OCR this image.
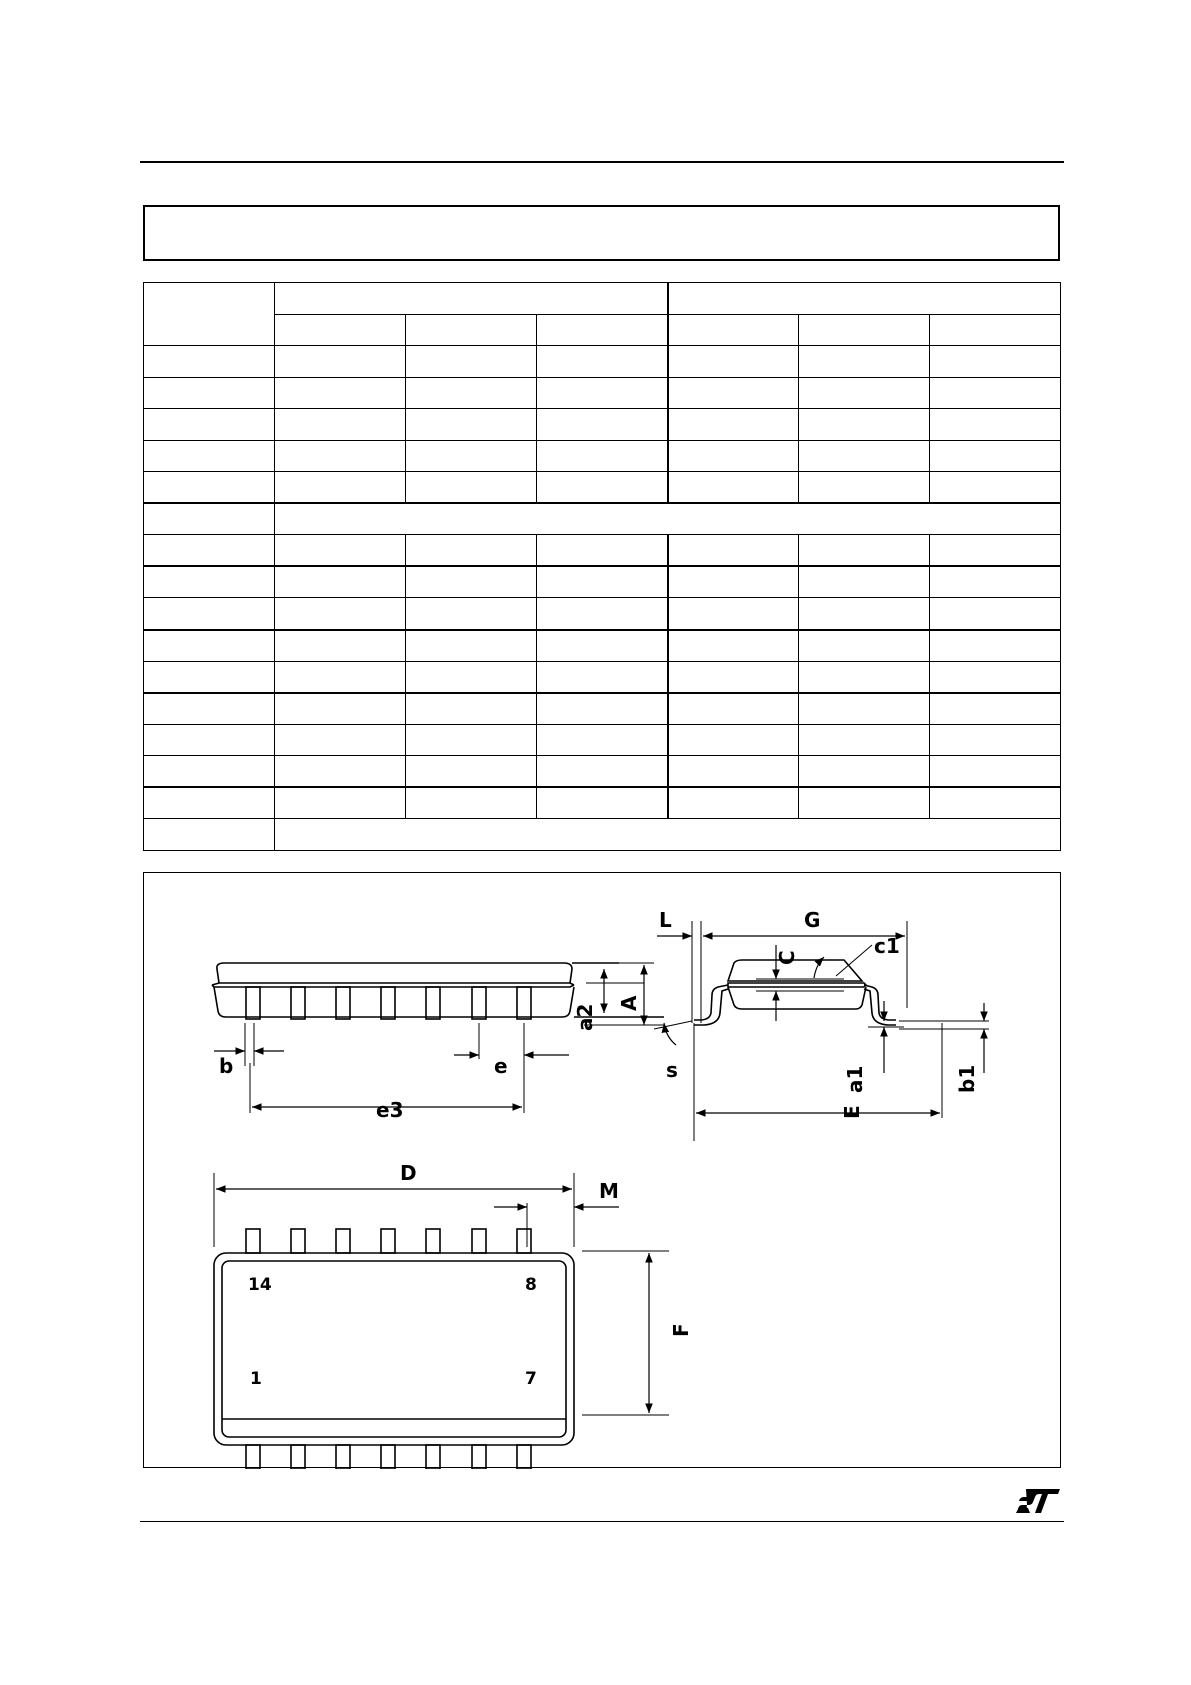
L	G
C	c1
a2
A
b	e
e3
s	a1	b1
E
D
M
F
14	8
1	7
